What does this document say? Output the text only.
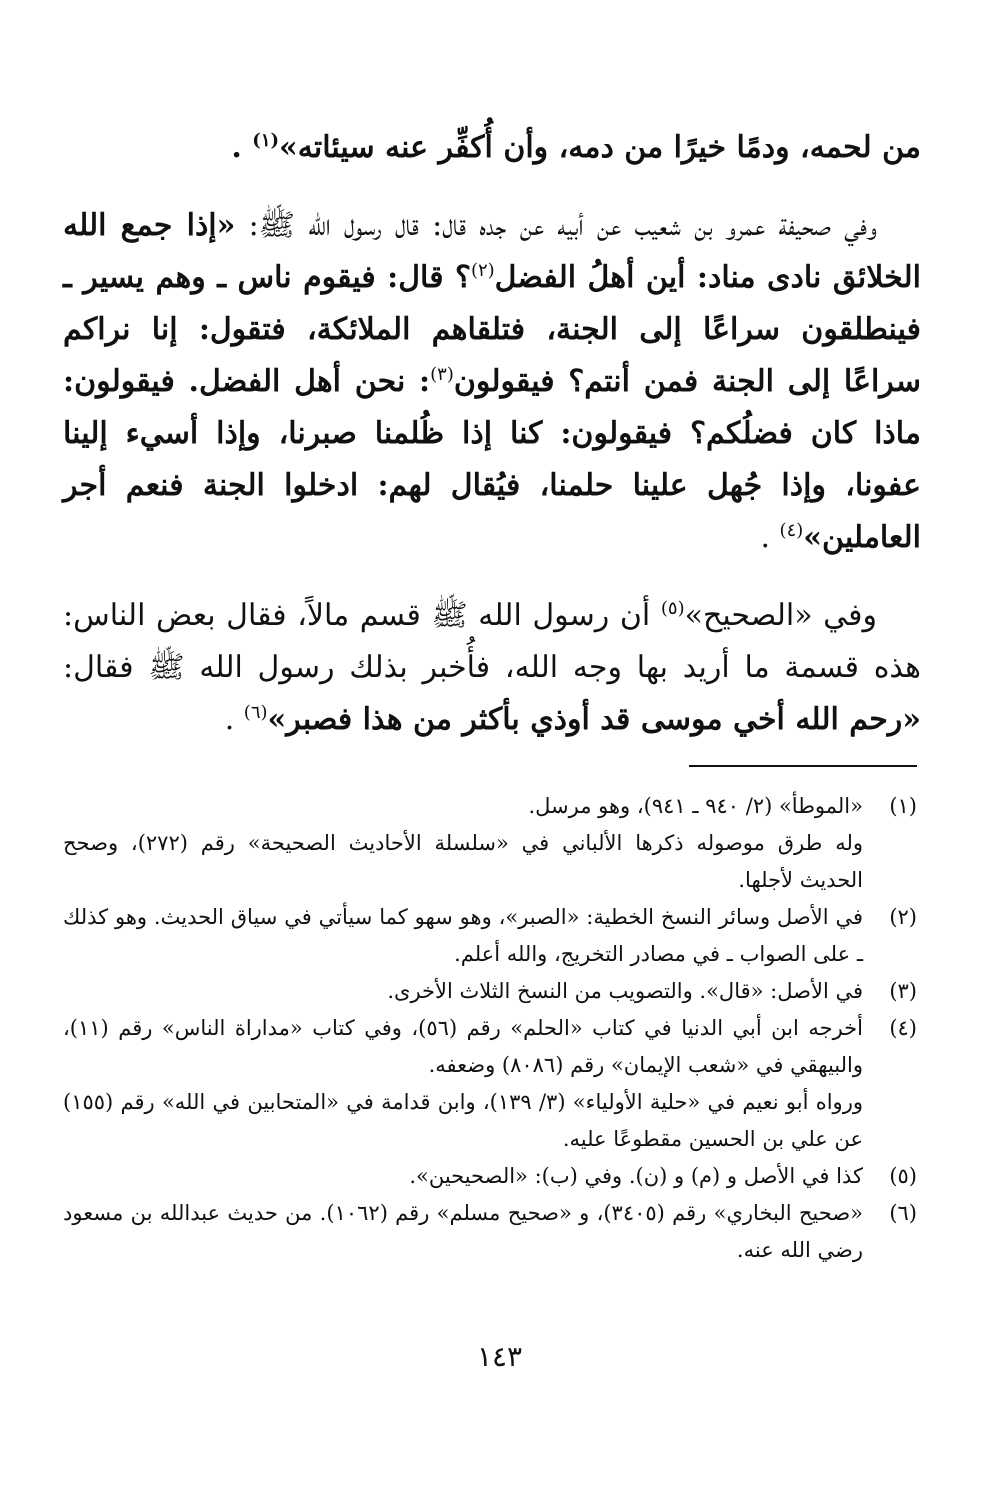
من لحمه، ودمًا خيرًا من دمه، وأن أُكفِّر عنه سيئاته»$^{(١)}$ .

وفي صحيفة عمرو بن شعيب عن أبيه عن جده قال: قال رسول الله ﷺ: «إذا جمع الله الخلائق نادى مناد: أين أهلُ الفضل$^{(٢)}$؟ قال: فيقوم ناس ـ وهم يسير ـ فينطلقون سراعًا إلى الجنة، فتلقاهم الملائكة، فتقول: إنا نراكم سراعًا إلى الجنة فمن أنتم؟ فيقولون$^{(٣)}$: نحن أهل الفضل. فيقولون: ماذا كان فضلُكم؟ فيقولون: كنا إذا ظُلمنا صبرنا، وإذا أسيء إلينا عفونا، وإذا جُهل علينا حلمنا، فيُقال لهم: ادخلوا الجنة فنعم أجر العاملين»$^{(٤)}$ .

وفي «الصحيح»$^{(٥)}$ أن رسول الله ﷺ قسم مالاً، فقال بعض الناس: هذه قسمة ما أريد بها وجه الله، فأُخبر بذلك رسول الله ﷺ فقال: «رحم الله أخي موسى قد أوذي بأكثر من هذا فصبر»$^{(٦)}$ .

(١)
«الموطأ» (٢/ ٩٤٠ ـ ٩٤١)، وهو مرسل.
وله طرق موصوله ذكرها الألباني في «سلسلة الأحاديث الصحيحة» رقم (٢٧٢)، وصحح الحديث لأجلها.
(٢)
في الأصل وسائر النسخ الخطية: «الصبر»، وهو سهو كما سيأتي في سياق الحديث. وهو كذلك ـ على الصواب ـ في مصادر التخريج، والله أعلم.
(٣)
في الأصل: «قال». والتصويب من النسخ الثلاث الأخرى.
(٤)
أخرجه ابن أبي الدنيا في كتاب «الحلم» رقم (٥٦)، وفي كتاب «مداراة الناس» رقم (١١)، والبيهقي في «شعب الإيمان» رقم (٨٠٨٦) وضعفه.
ورواه أبو نعيم في «حلية الأولياء» (٣/ ١٣٩)، وابن قدامة في «المتحابين في الله» رقم (١٥٥) عن علي بن الحسين مقطوعًا عليه.
(٥)
كذا في الأصل و (م) و (ن). وفي (ب): «الصحيحين».
(٦)
«صحيح البخاري» رقم (٣٤٠٥)، و «صحيح مسلم» رقم (١٠٦٢). من حديث عبدالله بن مسعود رضي الله عنه.
١٤٣
